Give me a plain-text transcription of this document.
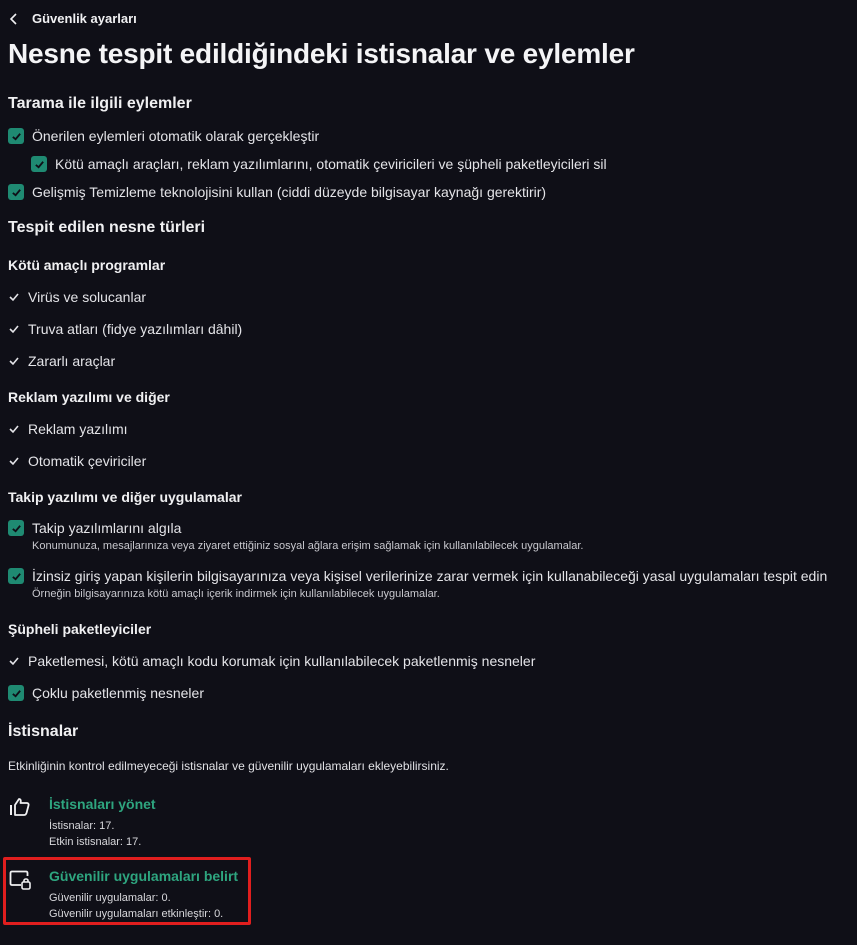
Güvenlik ayarları
Nesne tespit edildiğindeki istisnalar ve eylemler
Tarama ile ilgili eylemler
Önerilen eylemleri otomatik olarak gerçekleştir
Kötü amaçlı araçları, reklam yazılımlarını, otomatik çeviricileri ve şüpheli paketleyicileri sil
Gelişmiş Temizleme teknolojisini kullan (ciddi düzeyde bilgisayar kaynağı gerektirir)
Tespit edilen nesne türleri
Kötü amaçlı programlar
Virüs ve solucanlar
Truva atları (fidye yazılımları dâhil)
Zararlı araçlar
Reklam yazılımı ve diğer
Reklam yazılımı
Otomatik çeviriciler
Takip yazılımı ve diğer uygulamalar
Takip yazılımlarını algıla
Konumunuza, mesajlarınıza veya ziyaret ettiğiniz sosyal ağlara erişim sağlamak için kullanılabilecek uygulamalar.
İzinsiz giriş yapan kişilerin bilgisayarınıza veya kişisel verilerinize zarar vermek için kullanabileceği yasal uygulamaları tespit edin
Örneğin bilgisayarınıza kötü amaçlı içerik indirmek için kullanılabilecek uygulamalar.
Şüpheli paketleyiciler
Paketlemesi, kötü amaçlı kodu korumak için kullanılabilecek paketlenmiş nesneler
Çoklu paketlenmiş nesneler
İstisnalar
Etkinliğinin kontrol edilmeyeceği istisnalar ve güvenilir uygulamaları ekleyebilirsiniz.
İstisnaları yönet
İstisnalar: 17.
Etkin istisnalar: 17.
Güvenilir uygulamaları belirt
Güvenilir uygulamalar: 0.
Güvenilir uygulamaları etkinleştir: 0.
